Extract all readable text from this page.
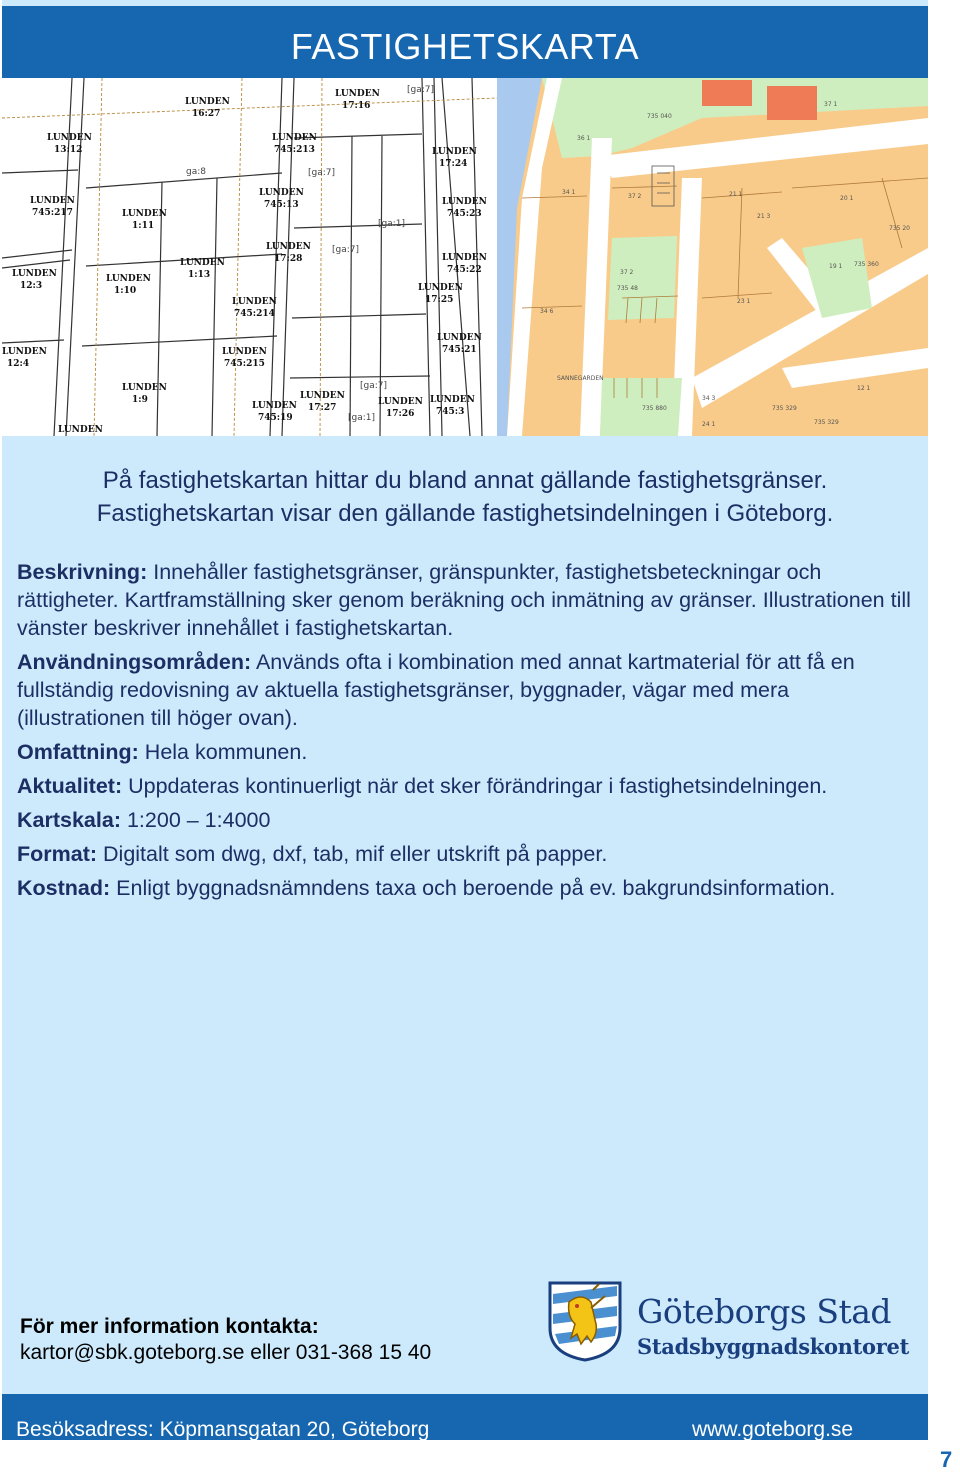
FASTIGHETSKARTA
LUNDEN
16:27
LUNDEN
17:16
LUNDEN
13:12
LUNDEN
745:213
LUNDEN
745:217	LUNDEN
1:11
LUNDEN
745:13
LUNDEN
17:24
LUNDEN
745:23
LUNDEN
12:3
LUNDEN
1:10
LUNDEN
1:13
LUNDEN
17:28	LUNDEN
745:22
LUNDEN
17:25
LUNDEN
745:214
LUNDEN
745:215
LUNDEN
745:21
LUNDEN
12:4
LUNDEN
1:9
LUNDEN
745:19
LUNDEN
17:27
LUNDEN
17:26
LUNDEN
745:3
LUNDEN
[ga:7]
ga:8	[ga:7]
[ga:1]
[ga:7]
[ga:7]
[ga:1]
735 040
36 1
34 1
37 2	21 1
21 3
20 1
735 20
37 1
19 1 735 360
23 1
37 2
34 6
SANNEGARDEN
34 3
735 880	735 329
735 329
12 1
24 1
735 48
På fastighetskartan hittar du bland annat gällande fastighetsgränser.
Fastighetskartan visar den gällande fastighetsindelningen i Göteborg.

Beskrivning: Innehåller fastighetsgränser, gränspunkter, fastighetsbeteckningar och rättigheter. Kartframställning sker genom beräkning och inmätning av gränser. Illustrationen till vänster beskriver innehållet i fastighetskartan.

Användningsområden: Används ofta i kombination med annat kartmaterial för att få en fullständig redovisning av aktuella fastighetsgränser, byggnader, vägar med mera (illustrationen till höger ovan).

Omfattning: Hela kommunen.

Aktualitet: Uppdateras kontinuerligt när det sker förändringar i fastighetsindelningen.

Kartskala: 1:200 – 1:4000

Format: Digitalt som dwg, dxf, tab, mif eller utskrift på papper.

Kostnad: Enligt byggnadsnämndens taxa och beroende på ev. bakgrundsinformation.

För mer information kontakta:
kartor@sbk.goteborg.se eller 031-368 15 40
Göteborgs Stad
Stadsbyggnadskontoret
Besöksadress: Köpmansgatan 20, Göteborg	www.goteborg.se
7
